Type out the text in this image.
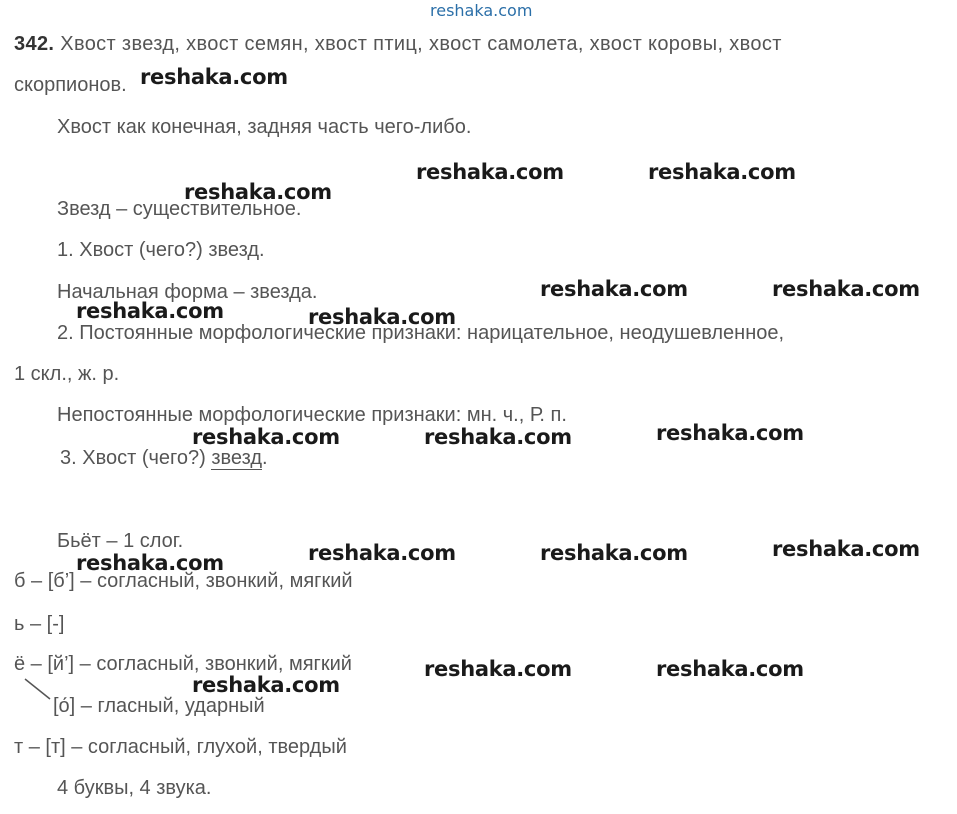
reshaka.com
342. Хвост звезд, хвост семян, хвост птиц, хвост самолета, хвост коровы, хвост
скорпионов.
Хвост как конечная, задняя часть чего-либо.
Звезд – существительное.
1. Хвост (чего?) звезд.
Начальная форма – звезда.
2. Постоянные морфологические признаки: нарицательное, неодушевленное,
1 скл., ж. р.
Непостоянные морфологические признаки: мн. ч., Р. п.
3. Хвост (чего?) звезд.
Бьёт – 1 слог.
б – [б’] – согласный, звонкий, мягкий
ь – [-]
ё – [й’] – согласный, звонкий, мягкий
[о́] – гласный, ударный
т – [т] – согласный, глухой, твердый
4 буквы, 4 звука.
reshaka.com
reshaka.com	reshaka.com
reshaka.com
reshaka.com	reshaka.com
reshaka.com	reshaka.com
reshaka.com
reshaka.com	reshaka.com
reshaka.com
reshaka.com	reshaka.com
reshaka.com
reshaka.com	reshaka.com
reshaka.com
